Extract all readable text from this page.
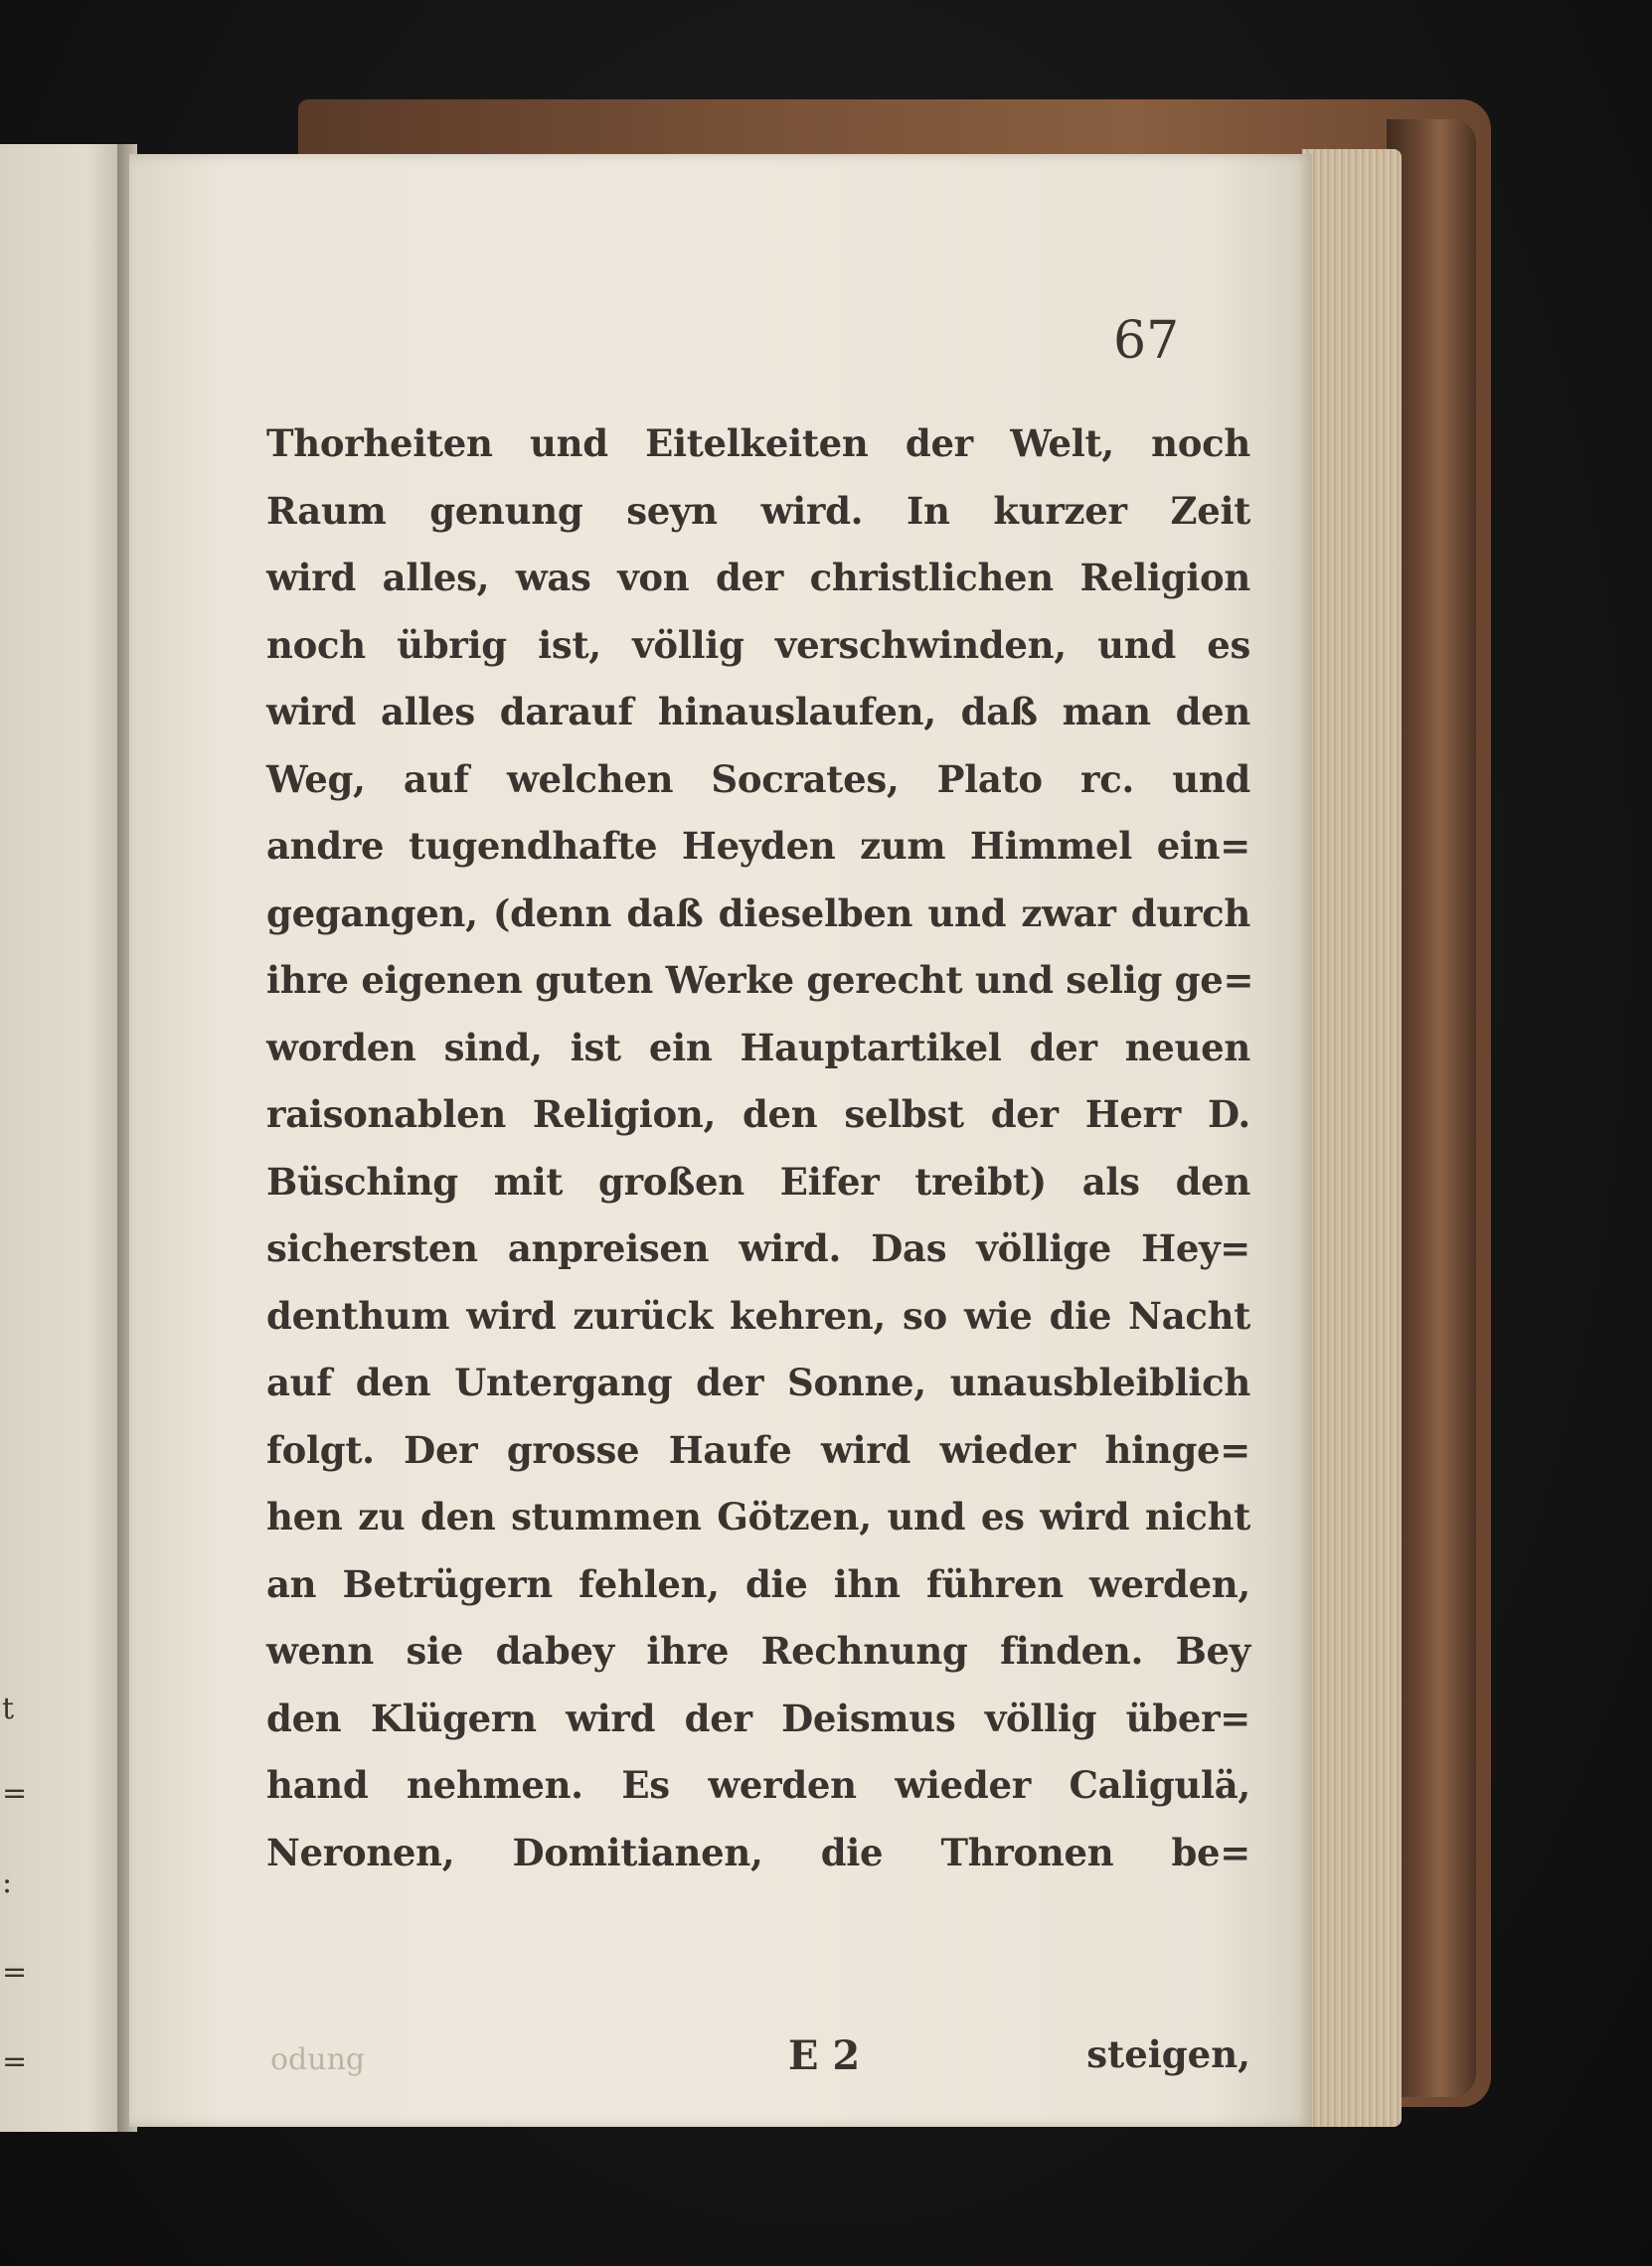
t
=
:
=
=
67
Thorheiten und Eitelkeiten der Welt, noch
Raum genung seyn wird. In kurzer Zeit
wird alles, was von der christlichen Religion
noch übrig ist, völlig verschwinden, und es
wird alles darauf hinauslaufen, daß man den
Weg, auf welchen Socrates, Plato rc. und
andre tugendhafte Heyden zum Himmel ein=
gegangen, (denn daß dieselben und zwar durch
ihre eigenen guten Werke gerecht und selig ge=
worden sind, ist ein Hauptartikel der neuen
raisonablen Religion, den selbst der Herr D.
Büsching mit großen Eifer treibt) als den
sichersten anpreisen wird. Das völlige Hey=
denthum wird zurück kehren, so wie die Nacht
auf den Untergang der Sonne, unausbleiblich
folgt. Der grosse Haufe wird wieder hinge=
hen zu den stummen Götzen, und es wird nicht
an Betrügern fehlen, die ihn führen werden,
wenn sie dabey ihre Rechnung finden. Bey
den Klügern wird der Deismus völlig über=
hand nehmen. Es werden wieder Caligulä,
Neronen, Domitianen, die Thronen be=
odung	E 2	steigen,
